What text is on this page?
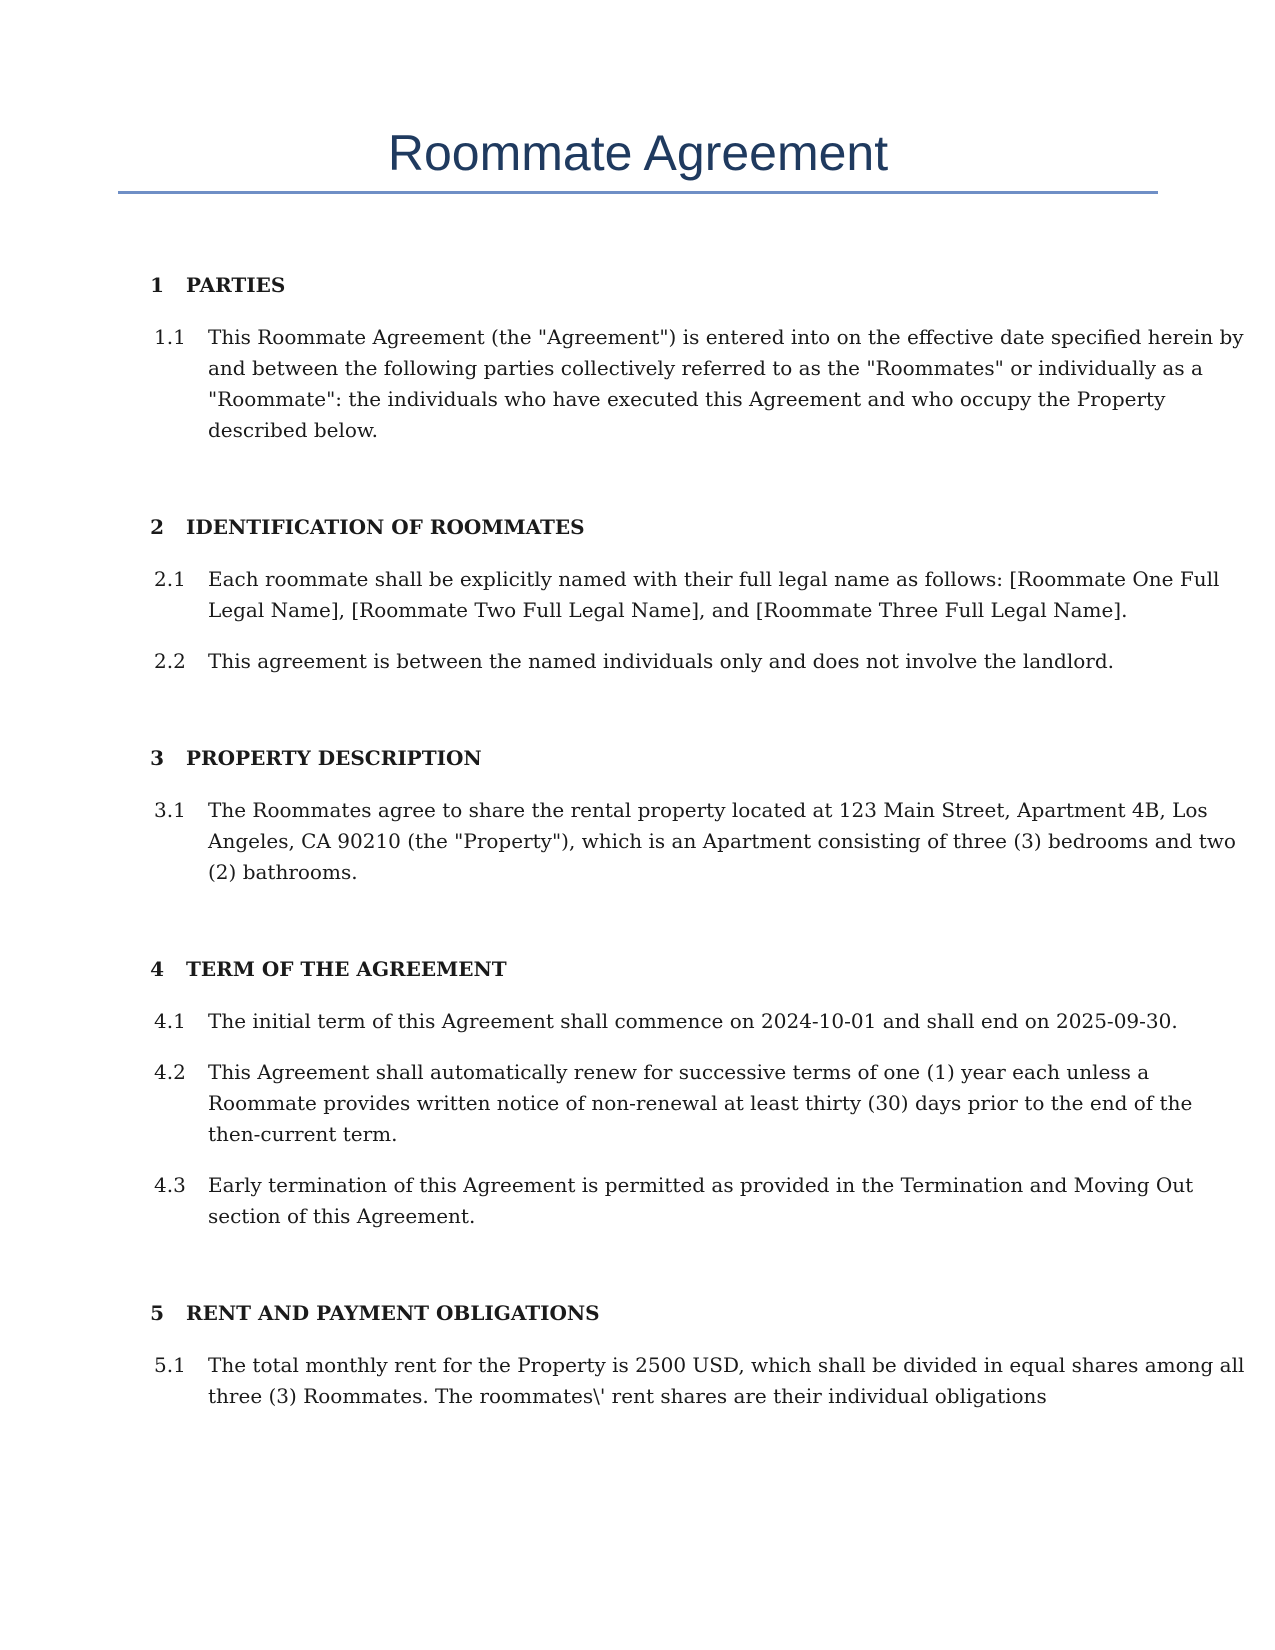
Roommate Agreement
1	PARTIES
1.1	This Roommate Agreement (the "Agreement") is entered into on the effective date specified herein by and between the following parties collectively referred to as the "Roommates" or individually as a "Roommate": the individuals who have executed this Agreement and who occupy the Property described below.
2	IDENTIFICATION OF ROOMMATES
2.1	Each roommate shall be explicitly named with their full legal name as follows: [Roommate One Full Legal Name], [Roommate Two Full Legal Name], and [Roommate Three Full Legal Name].
2.2	This agreement is between the named individuals only and does not involve the landlord.
3	PROPERTY DESCRIPTION
3.1	The Roommates agree to share the rental property located at 123 Main Street, Apartment 4B, Los Angeles, CA 90210 (the "Property"), which is an Apartment consisting of three (3) bedrooms and two (2) bathrooms.
4	TERM OF THE AGREEMENT
4.1	The initial term of this Agreement shall commence on 2024-10-01 and shall end on 2025-09-30.
4.2	This Agreement shall automatically renew for successive terms of one (1) year each unless a Roommate provides written notice of non-renewal at least thirty (30) days prior to the end of the then-current term.
4.3	Early termination of this Agreement is permitted as provided in the Termination and Moving Out section of this Agreement.
5	RENT AND PAYMENT OBLIGATIONS
5.1	The total monthly rent for the Property is 2500 USD, which shall be divided in equal shares among all three (3) Roommates. The roommates\' rent shares are their individual obligations
